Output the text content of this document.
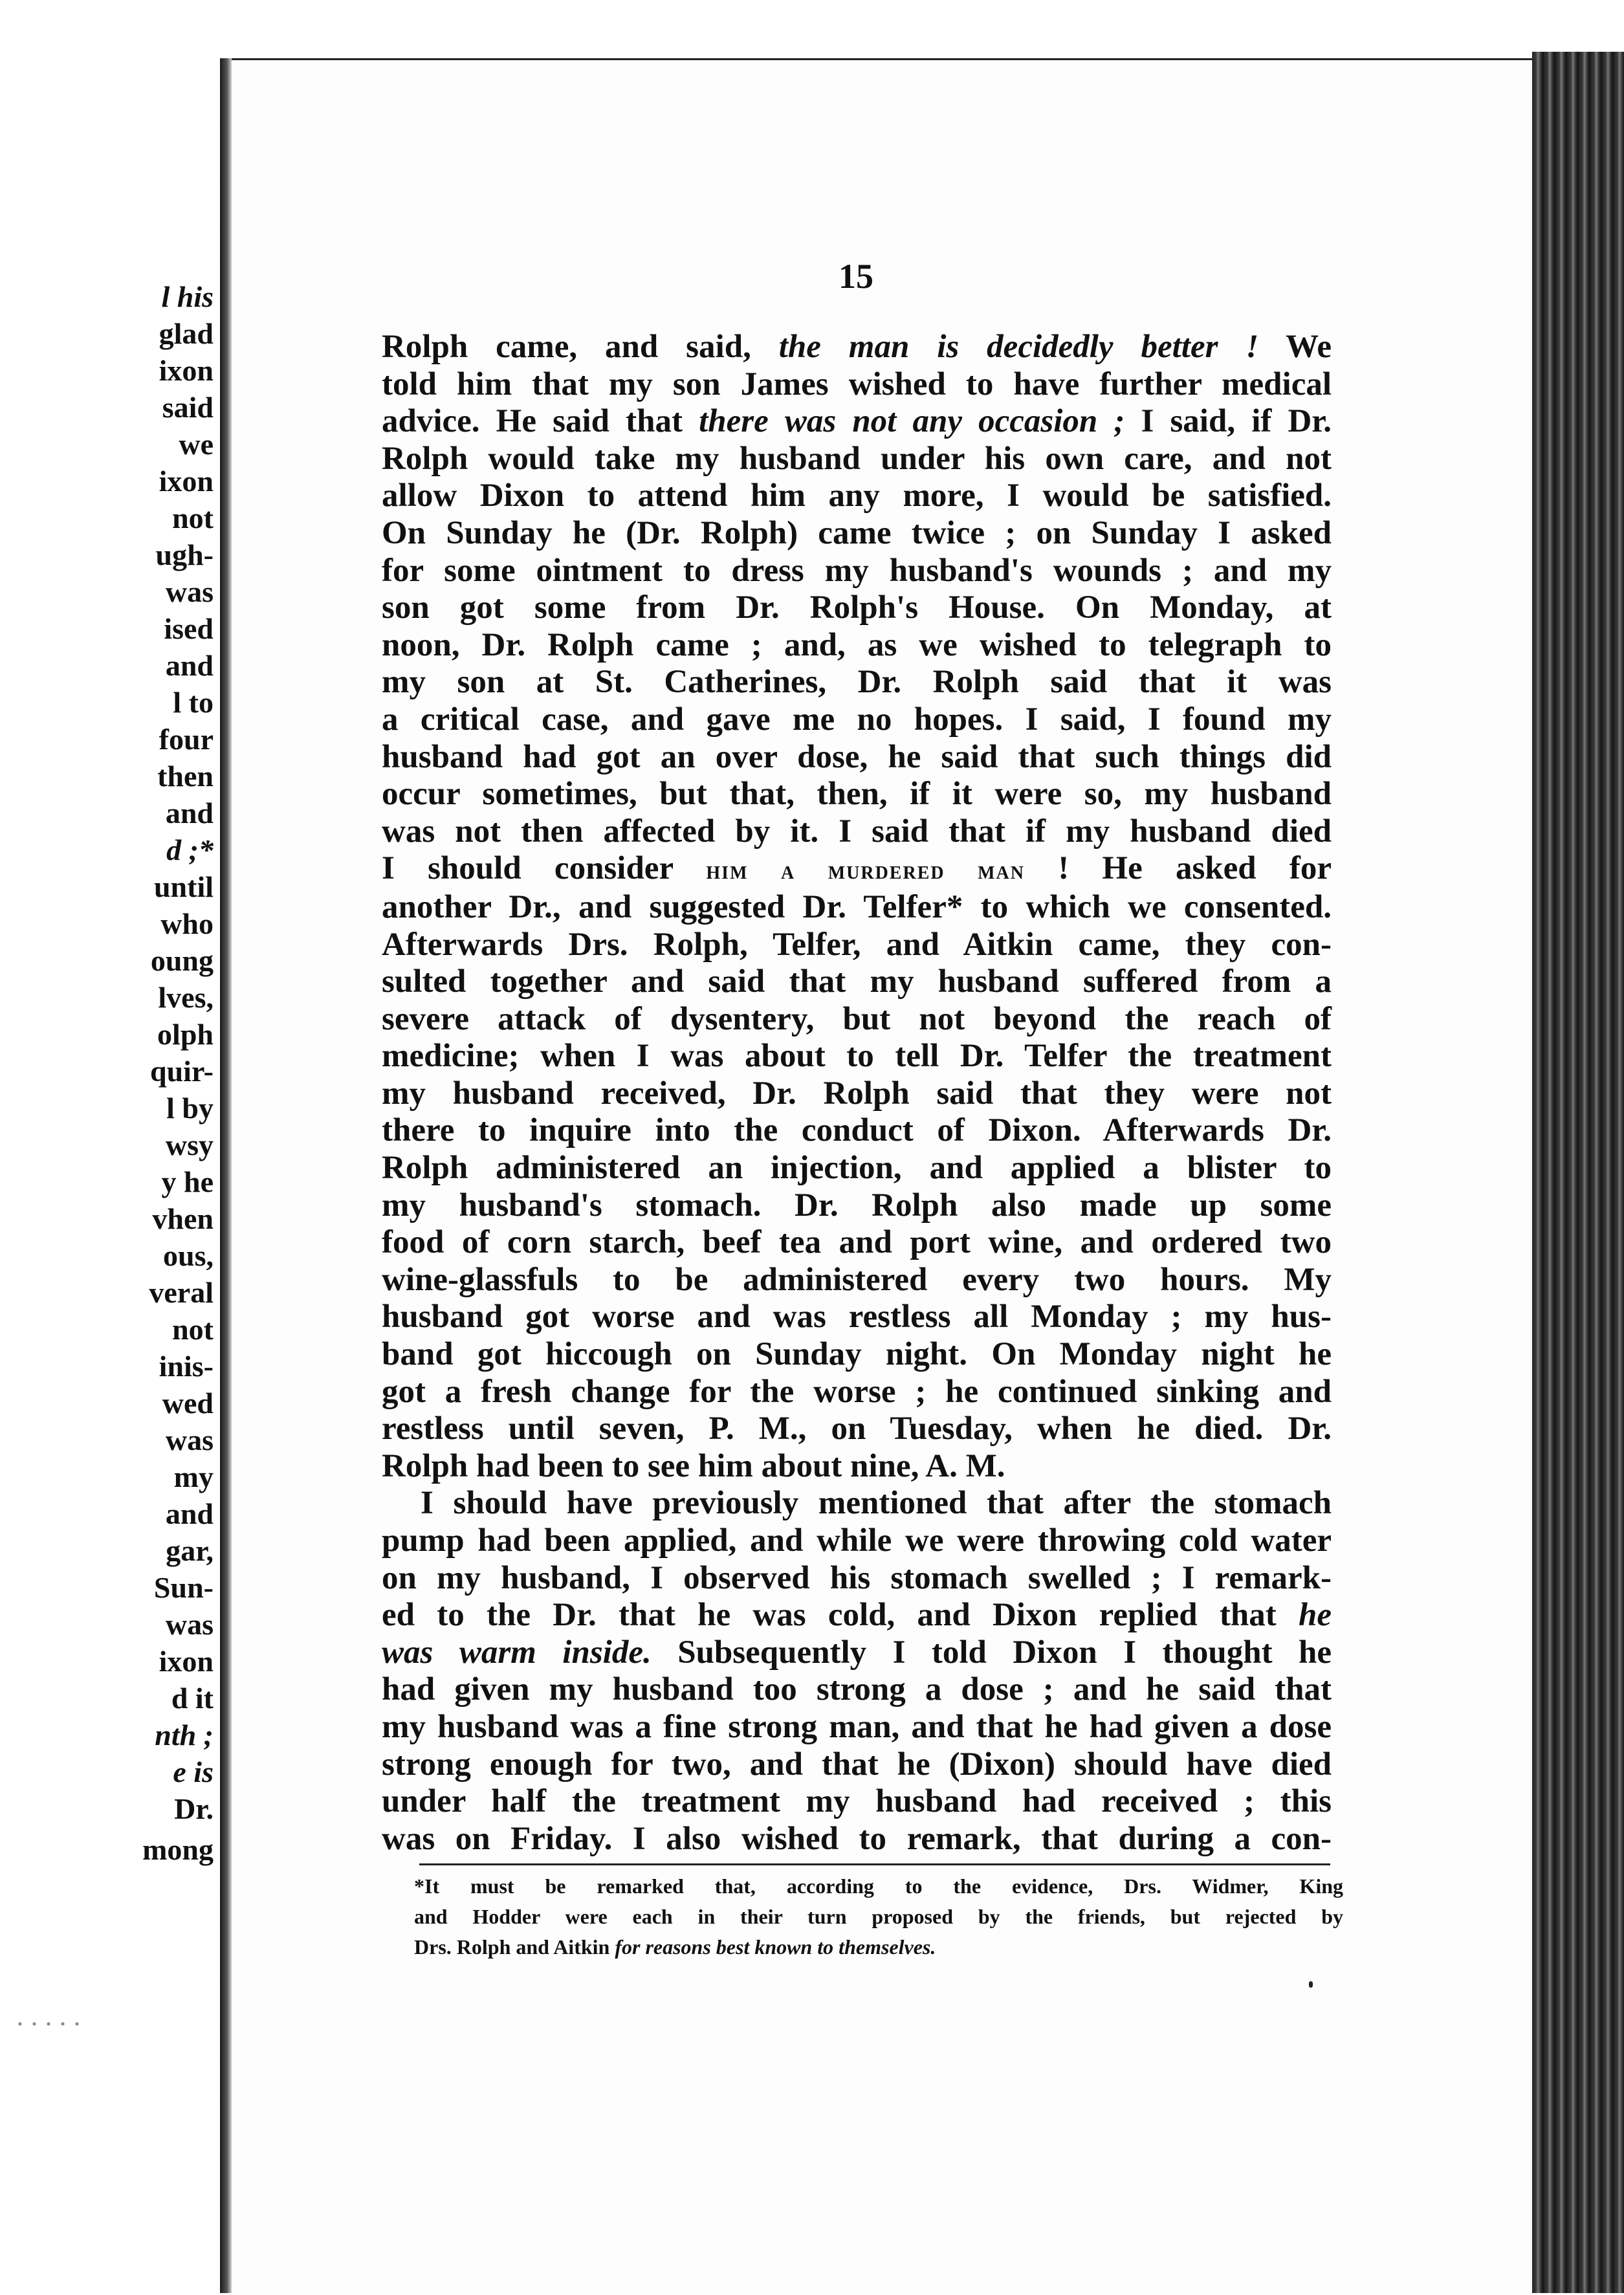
l his
glad
ixon
said
we
ixon
not
ugh-
was
ised
and
l to
four
then
and
d ;*
until
who
oung
lves,
olph
quir-
l by
wsy
y he
vhen
ous,
veral
not
inis-
wed
was
my
and
gar,
Sun-
was
ixon
d it
nth ;
e is
Dr.
mong
15

Rolph came, and said, the man is decidedly better ! We
told him that my son James wished to have further medical
advice. He said that there was not any occasion ; I said, if Dr.
Rolph would take my husband under his own care, and not
allow Dixon to attend him any more, I would be satisfied.
On Sunday he (Dr. Rolph) came twice ; on Sunday I asked
for some ointment to dress my husband's wounds ; and my
son got some from Dr. Rolph's House. On Monday, at
noon, Dr. Rolph came ; and, as we wished to telegraph to
my son at St. Catherines, Dr. Rolph said that it was
a critical case, and gave me no hopes. I said, I found my
husband had got an over dose, he said that such things did
occur sometimes, but that, then, if it were so, my husband
was not then affected by it. I said that if my husband died
I should consider him a murdered man ! He asked for
another Dr., and suggested Dr. Telfer* to which we consented.
Afterwards Drs. Rolph, Telfer, and Aitkin came, they con-
sulted together and said that my husband suffered from a
severe attack of dysentery, but not beyond the reach of
medicine; when I was about to tell Dr. Telfer the treatment
my husband received, Dr. Rolph said that they were not
there to inquire into the conduct of Dixon. Afterwards Dr.
Rolph administered an injection, and applied a blister to
my husband's stomach. Dr. Rolph also made up some
food of corn starch, beef tea and port wine, and ordered two
wine-glassfuls to be administered every two hours. My
husband got worse and was restless all Monday ; my hus-
band got hiccough on Sunday night. On Monday night he
got a fresh change for the worse ; he continued sinking and
restless until seven, P. M., on Tuesday, when he died. Dr.
Rolph had been to see him about nine, A. M.

I should have previously mentioned that after the stomach
pump had been applied, and while we were throwing cold water
on my husband, I observed his stomach swelled ; I remark-
ed to the Dr. that he was cold, and Dixon replied that he
was warm inside. Subsequently I told Dixon I thought he
had given my husband too strong a dose ; and he said that
my husband was a fine strong man, and that he had given a dose
strong enough for two, and that he (Dixon) should have died
under half the treatment my husband had received ; this
was on Friday. I also wished to remark, that during a con-

*It must be remarked that, according to the evidence, Drs. Widmer, King
and Hodder were each in their turn proposed by the friends, but rejected by
Drs. Rolph and Aitkin for reasons best known to themselves.
